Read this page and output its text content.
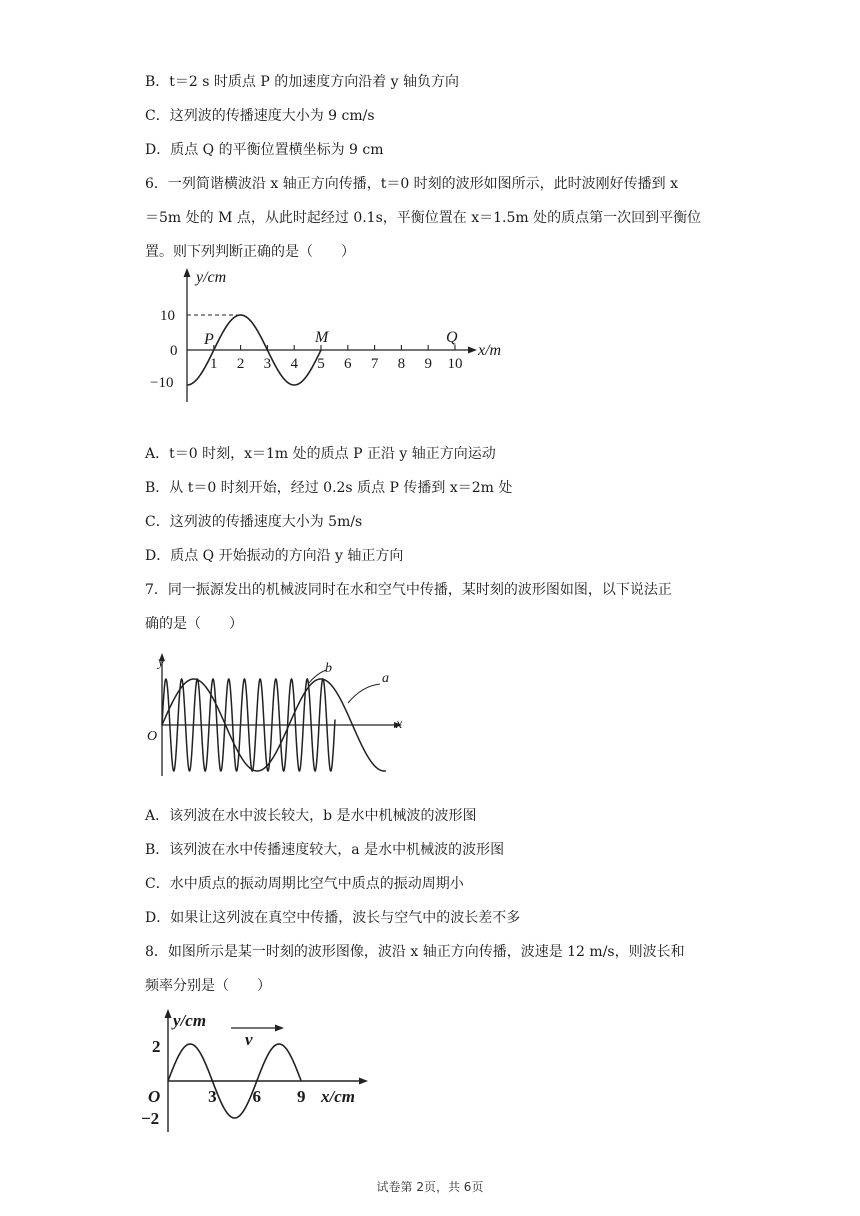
B．t＝2 s 时质点 P 的加速度方向沿着 y 轴负方向
C．这列波的传播速度大小为 9 cm/s
D．质点 Q 的平衡位置横坐标为 9 cm
6．一列简谐横波沿 x 轴正方向传播，t＝0 时刻的波形如图所示，此时波刚好传播到 x
＝5m 处的 M 点，从此时起经过 0.1s，平衡位置在 x＝1.5m 处的质点第一次回到平衡位
置。则下列判断正确的是（　　）
y/cm
x/m
0
10
−10
1 2 3 4 5 6 7 8 9 10
P	M	Q
A．t＝0 时刻，x＝1m 处的质点 P 正沿 y 轴正方向运动
B．从 t＝0 时刻开始，经过 0.2s 质点 P 传播到 x＝2m 处
C．这列波的传播速度大小为 5m/s
D．质点 Q 开始振动的方向沿 y 轴正方向
7．同一振源发出的机械波同时在水和空气中传播，某时刻的波形图如图，以下说法正
确的是（　　）
y
x
O
b
a
A．该列波在水中波长较大，b 是水中机械波的波形图
B．该列波在水中传播速度较大，a 是水中机械波的波形图
C．水中质点的振动周期比空气中质点的振动周期小
D．如果让这列波在真空中传播，波长与空气中的波长差不多
8．如图所示是某一时刻的波形图像，波沿 x 轴正方向传播，波速是 12 m/s，则波长和
频率分别是（　　）
y/cm
x/cm
v
O
2
−2
3 6 9
试卷第 2页，共 6页
